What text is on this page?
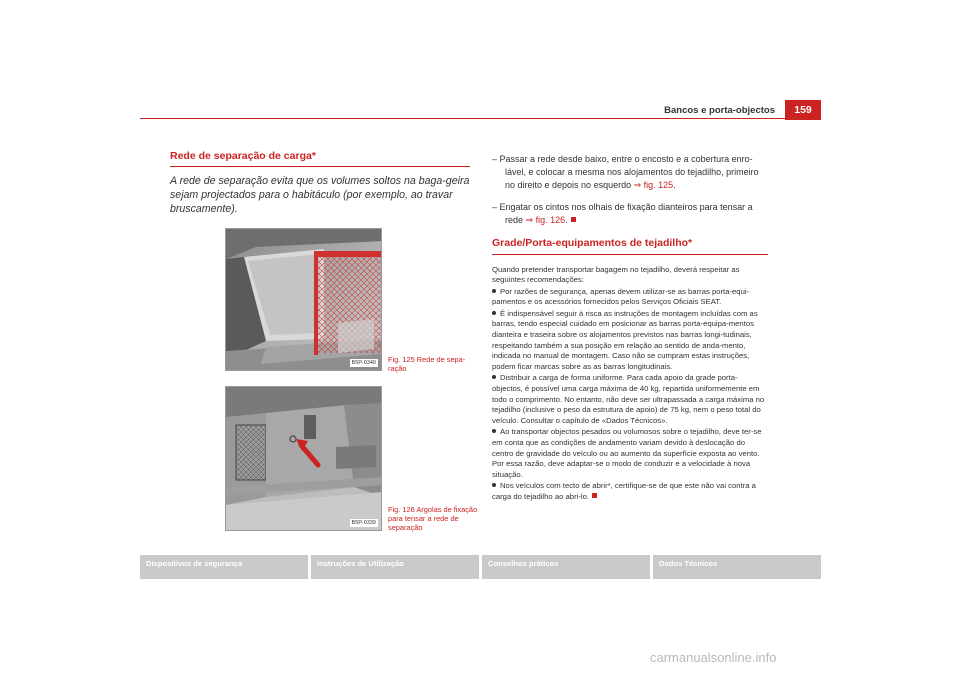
Bancos e porta-objectos	159
Rede de separação de carga*
A rede de separação evita que os volumes soltos na baga-geira sejam projectados para o habitáculo (por exemplo, ao travar bruscamente).
B5P-0340 Fig. 125 Rede de sepa-ração
B5P-0339
Fig. 126 Argolas de fixação para tensar a rede de separação

– Passar a rede desde baixo, entre o encosto e a cobertura enro-lável, e colocar a mesma nos alojamentos do tejadilho, primeiro no direito e depois no esquerdo ⇒ fig. 125.

– Engatar os cintos nos olhais de fixação dianteiros para tensar a rede ⇒ fig. 126.

Grade/Porta-equipamentos de tejadilho*

Quando pretender transportar bagagem no tejadilho, deverá respeitar as seguintes recomendações:

Por razões de segurança, apenas devem utilizar-se as barras porta-equi-pamentos e os acessórios fornecidos pelos Serviços Oficiais SEAT.

É indispensável seguir à risca as instruções de montagem incluídas com as barras, tendo especial cuidado em posicionar as barras porta-equipa-mentos dianteira e traseira sobre os alojamentos previstos nas barras longi-tudinais, respeitando também a sua posição em relação ao sentido de anda-mento, indicada no manual de montagem. Caso não se cumpram estas instruções, podem ficar marcas sobre as as barras longitudinais.

Distribuir a carga de forma uniforme. Para cada apoio da grade porta-objectos, é possível uma carga máxima de 40 kg, repartida uniformemente em todo o comprimento. No entanto, não deve ser ultrapassada a carga máxima no tejadilho (inclusive o peso da estrutura de apoio) de 75 kg, nem o peso total do veículo. Consultar o capítulo de «Dados Técnicos».

Ao transportar objectos pesados ou volumosos sobre o tejadilho, deve ter-se em conta que as condições de andamento variam devido à deslocação do centro de gravidade do veículo ou ao aumento da superfície exposta ao vento. Por essa razão, deve adaptar-se o modo de conduzir e a velocidade à nova situação.

Nos veículos com tecto de abrir*, certifique-se de que este não vai contra a carga do tejadilho ao abri-lo.

Dispositivos de segurança	Instruções de Utilização	Conselhos práticos	Dados Técnicos
carmanualsonline.info
